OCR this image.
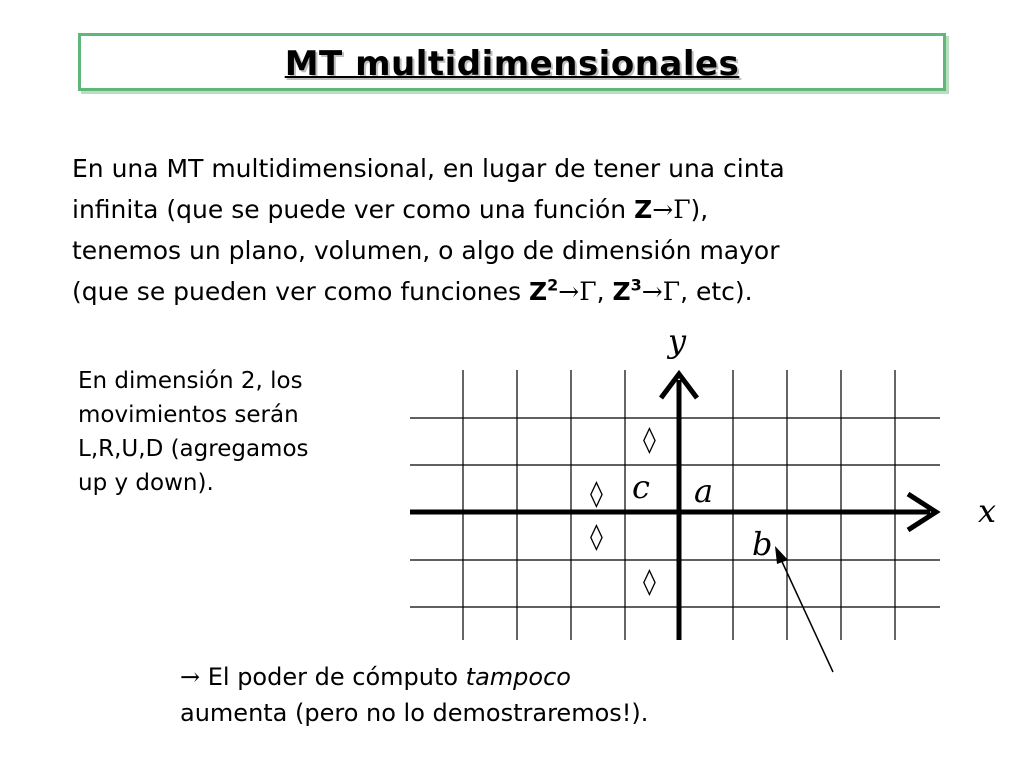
MT multidimensionales
En una MT multidimensional, en lugar de tener una cinta
infinita (que se puede ver como una función Z→Γ),
tenemos un plano, volumen, o algo de dimensión mayor
(que se pueden ver como funciones $Z^2\to\Gamma$, $Z^3\to\Gamma$, etc).
En dimensión 2, los
movimientos serán
L,R,U,D (agregamos
up y down).
y
x
c a
b
◊
◊
◊
◊
→ El poder de cómputo tampoco
aumenta (pero no lo demostraremos!).
